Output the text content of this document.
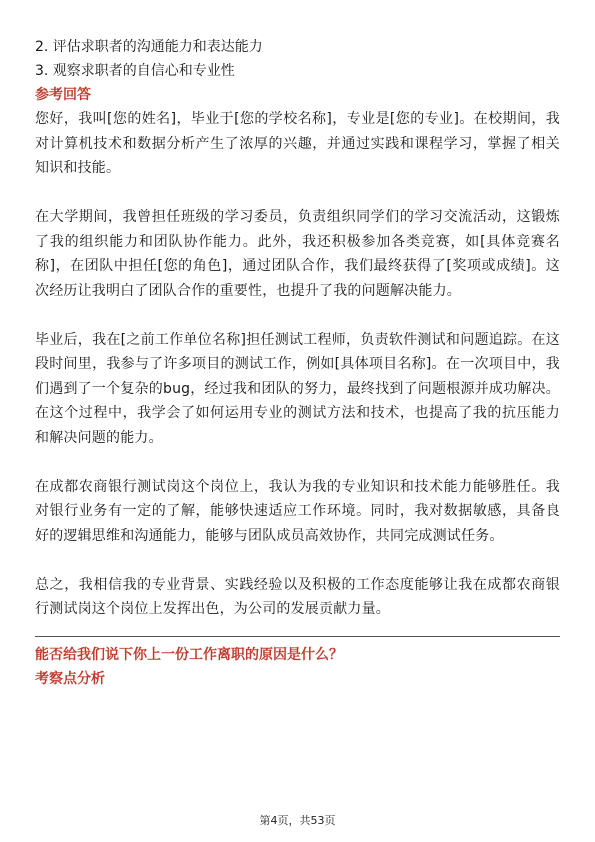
2. 评估求职者的沟通能力和表达能力
3. 观察求职者的自信心和专业性
参考回答

您好，我叫[您的姓名]，毕业于[您的学校名称]，专业是[您的专业]。在校期间，我对计算机技术和数据分析产生了浓厚的兴趣，并通过实践和课程学习，掌握了相关知识和技能。

在大学期间，我曾担任班级的学习委员，负责组织同学们的学习交流活动，这锻炼了我的组织能力和团队协作能力。此外，我还积极参加各类竞赛，如[具体竞赛名称]，在团队中担任[您的角色]，通过团队合作，我们最终获得了[奖项或成绩]。这次经历让我明白了团队合作的重要性，也提升了我的问题解决能力。

毕业后，我在[之前工作单位名称]担任测试工程师，负责软件测试和问题追踪。在这段时间里，我参与了许多项目的测试工作，例如[具体项目名称]。在一次项目中，我们遇到了一个复杂的bug，经过我和团队的努力，最终找到了问题根源并成功解决。在这个过程中，我学会了如何运用专业的测试方法和技术，也提高了我的抗压能力和解决问题的能力。

在成都农商银行测试岗这个岗位上，我认为我的专业知识和技术能力能够胜任。我对银行业务有一定的了解，能够快速适应工作环境。同时，我对数据敏感，具备良好的逻辑思维和沟通能力，能够与团队成员高效协作，共同完成测试任务。

总之，我相信我的专业背景、实践经验以及积极的工作态度能够让我在成都农商银行测试岗这个岗位上发挥出色，为公司的发展贡献力量。

能否给我们说下你上一份工作离职的原因是什么？
考察点分析
第4页，共53页
